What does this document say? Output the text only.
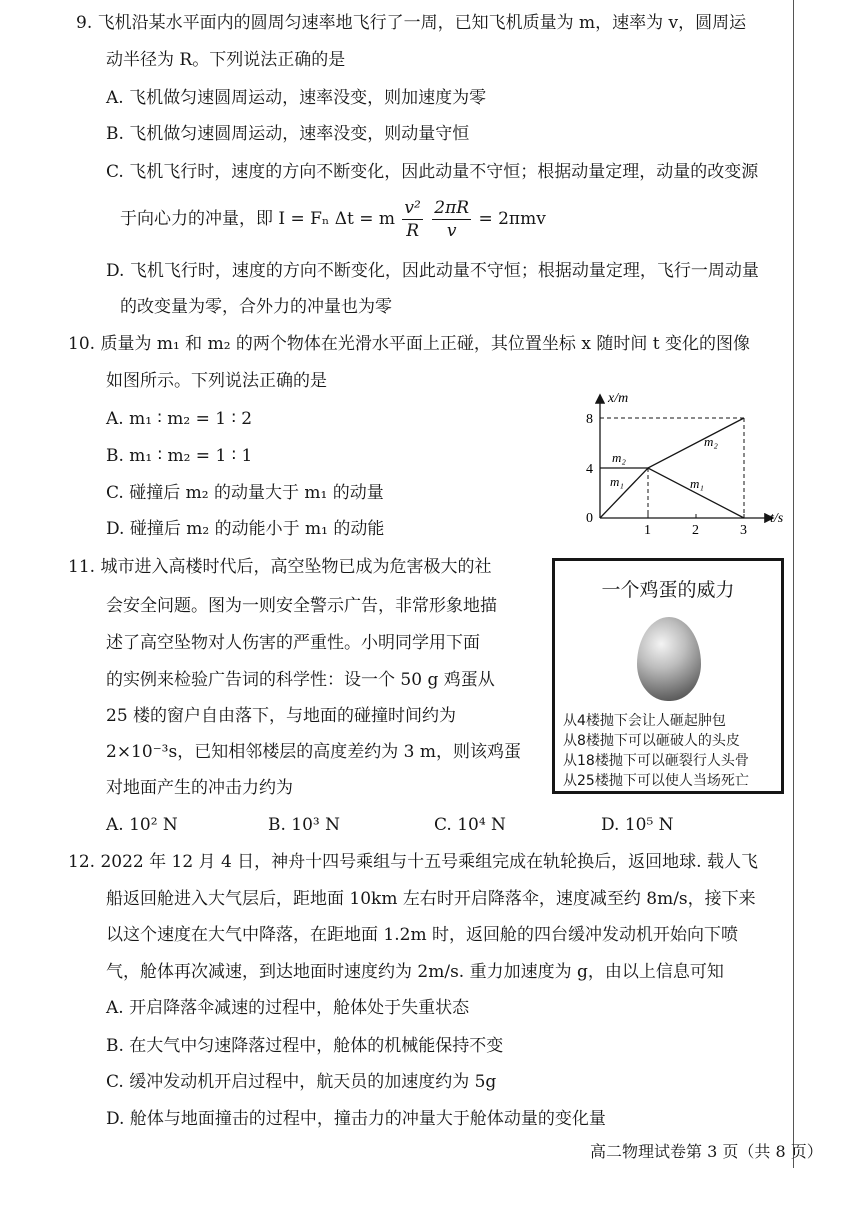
9. 飞机沿某水平面内的圆周匀速率地飞行了一周，已知飞机质量为 m，速率为 v，圆周运
动半径为 R。下列说法正确的是
A. 飞机做匀速圆周运动，速率没变，则加速度为零
B. 飞机做匀速圆周运动，速率没变，则动量守恒
C. 飞机飞行时，速度的方向不断变化，因此动量不守恒；根据动量定理，动量的改变源
于向心力的冲量，即 I = Fₙ Δt = m $\frac{\text{v²}}{R}$
$\frac{2\pi R}{v} = 2\pi mv$
D. 飞机飞行时，速度的方向不断变化，因此动量不守恒；根据动量定理，飞行一周动量
的改变量为零，合外力的冲量也为零
10. 质量为 m₁ 和 m₂ 的两个物体在光滑水平面上正碰，其位置坐标 x 随时间 t 变化的图像
如图所示。下列说法正确的是
A. m₁ ∶ m₂ = 1 ∶ 2
B. m₁ ∶ m₂ = 1 ∶ 1
C. 碰撞后 m₂ 的动量大于 m₁ 的动量
D. 碰撞后 m₂ 的动能小于 m₁ 的动能
x/m
t/s
0
4
8
1	2	3
m₂
m₂
m₁	m₁
11. 城市进入高楼时代后，高空坠物已成为危害极大的社
会安全问题。图为一则安全警示广告，非常形象地描
述了高空坠物对人伤害的严重性。小明同学用下面
的实例来检验广告词的科学性：设一个 50 g 鸡蛋从
25 楼的窗户自由落下，与地面的碰撞时间约为
2×10⁻³s，已知相邻楼层的高度差约为 3 m，则该鸡蛋
对地面产生的冲击力约为
A. 10² N	B. 10³ N	C. 10⁴ N	D. 10⁵ N
一个鸡蛋的威力
从4楼抛下会让人砸起肿包
从8楼抛下可以砸破人的头皮
从18楼抛下可以砸裂行人头骨
从25楼抛下可以使人当场死亡
12. 2022 年 12 月 4 日，神舟十四号乘组与十五号乘组完成在轨轮换后，返回地球. 载人飞
船返回舱进入大气层后，距地面 10km 左右时开启降落伞，速度减至约 8m/s，接下来
以这个速度在大气中降落，在距地面 1.2m 时，返回舱的四台缓冲发动机开始向下喷
气，舱体再次减速，到达地面时速度约为 2m/s. 重力加速度为 g，由以上信息可知
A. 开启降落伞减速的过程中，舱体处于失重状态
B. 在大气中匀速降落过程中，舱体的机械能保持不变
C. 缓冲发动机开启过程中，航天员的加速度约为 5g
D. 舱体与地面撞击的过程中，撞击力的冲量大于舱体动量的变化量
高二物理试卷第 3 页（共 8 页）
